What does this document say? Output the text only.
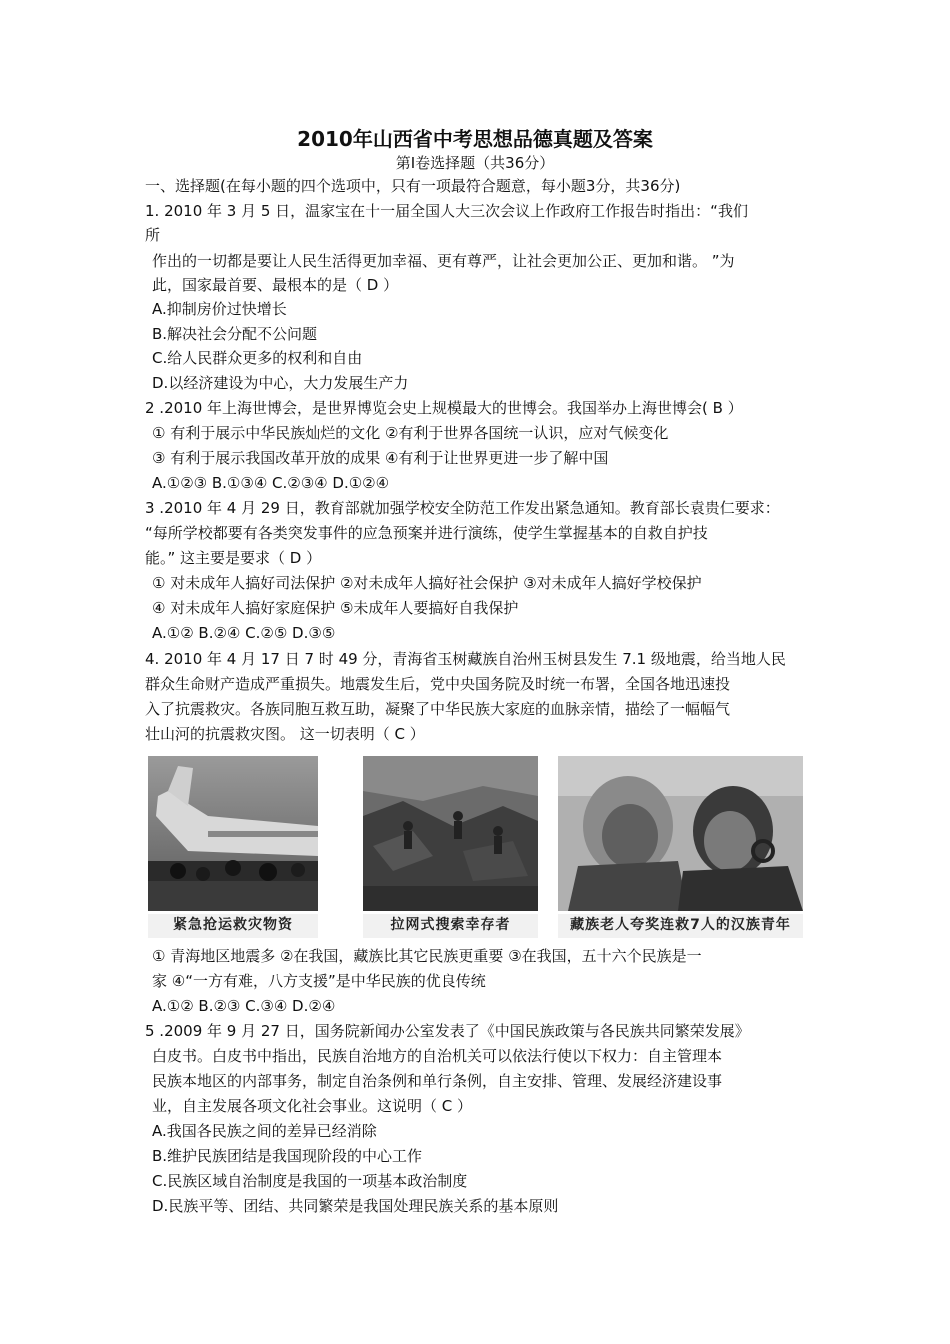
2010年山西省中考思想品德真题及答案
第Ⅰ卷选择题（共36分）
一、选择题(在每小题的四个选项中，只有一项最符合题意，每小题3分，共36分)
1. 2010 年 3 月 5 日，温家宝在十一届全国人大三次会议上作政府工作报告时指出：“我们
所
作出的一切都是要让人民生活得更加幸福、更有尊严，让社会更加公正、更加和谐。 ”为
此，国家最首要、最根本的是（ D ）
A.抑制房价过快增长
B.解决社会分配不公问题
C.给人民群众更多的权利和自由
D.以经济建设为中心，大力发展生产力
2 .2010 年上海世博会，是世界博览会史上规模最大的世博会。我国举办上海世博会( B ）
① 有利于展示中华民族灿烂的文化 ②有利于世界各国统一认识，应对气候变化
③ 有利于展示我国改革开放的成果 ④有利于让世界更进一步了解中国
A.①②③ B.①③④ C.②③④ D.①②④
3 .2010 年 4 月 29 日，教育部就加强学校安全防范工作发出紧急通知。教育部长袁贵仁要求：
“每所学校都要有各类突发事件的应急预案并进行演练，使学生掌握基本的自救自护技
能。” 这主要是要求（ D ）
① 对未成年人搞好司法保护 ②对未成年人搞好社会保护 ③对未成年人搞好学校保护
④ 对未成年人搞好家庭保护 ⑤未成年人要搞好自我保护
A.①② B.②④ C.②⑤ D.③⑤
4. 2010 年 4 月 17 日 7 时 49 分，青海省玉树藏族自治州玉树县发生 7.1 级地震，给当地人民
群众生命财产造成严重损失。地震发生后，党中央国务院及时统一布署，全国各地迅速投
入了抗震救灾。各族同胞互救互助，凝聚了中华民族大家庭的血脉亲情，描绘了一幅幅气
壮山河的抗震救灾图。 这一切表明（ C ）
紧急抢运救灾物资	拉网式搜索幸存者	藏族老人夸奖连救7人的汉族青年
① 青海地区地震多 ②在我国，藏族比其它民族更重要 ③在我国，五十六个民族是一
家 ④“一方有难，八方支援”是中华民族的优良传统
A.①② B.②③ C.③④ D.②④
5 .2009 年 9 月 27 日，国务院新闻办公室发表了《中国民族政策与各民族共同繁荣发展》
白皮书。白皮书中指出，民族自治地方的自治机关可以依法行使以下权力：自主管理本
民族本地区的内部事务，制定自治条例和单行条例，自主安排、管理、发展经济建设事
业，自主发展各项文化社会事业。这说明（ C ）
A.我国各民族之间的差异已经消除
B.维护民族团结是我国现阶段的中心工作
C.民族区域自治制度是我国的一项基本政治制度
D.民族平等、团结、共同繁荣是我国处理民族关系的基本原则
